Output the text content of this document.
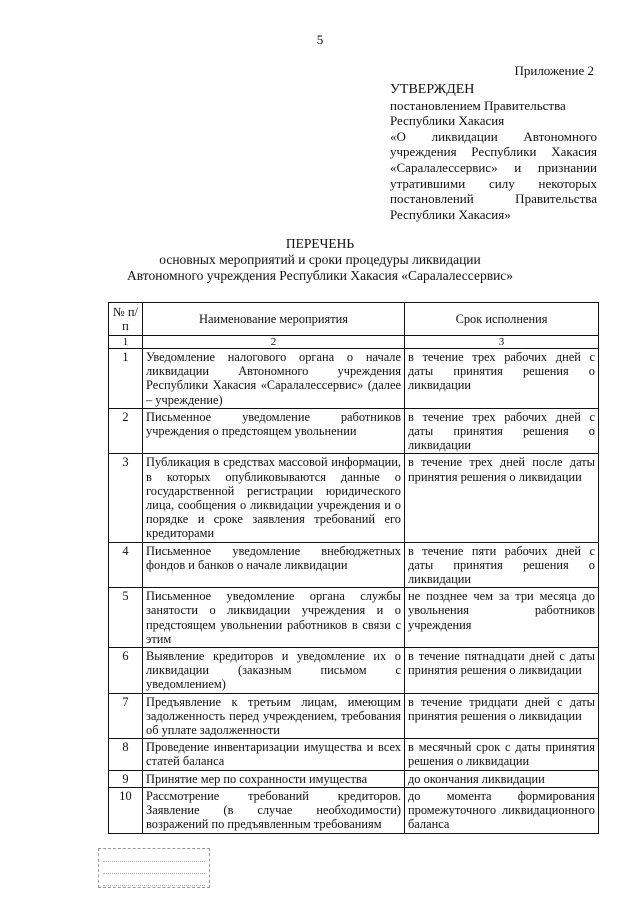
5
Приложение 2
УТВЕРЖДЕН
постановлением Правительства
Республики Хакасия
«О ликвидации Автономного
учреждения Республики Хакасия
«Саралалессервис» и признании
утратившими силу некоторых
постановлений Правительства
Республики Хакасия»
ПЕРЕЧЕНЬ
основных мероприятий и сроки процедуры ликвидации
Автономного учреждения Республики Хакасия «Саралалессервис»
№ п/п	Наименование мероприятия	Срок исполнения
1	2	3
1	Уведомление налогового органа о начале ликвидации Автономного учреждения Республики Хакасия «Саралалессервис» (далее – учреждение)	в течение трех рабочих дней с даты принятия решения о ликвидации
2	Письменное уведомление работников учреждения о предстоящем увольнении	в течение трех рабочих дней с даты принятия решения о ликвидации
3	Публикация в средствах массовой информации, в которых опубликовываются данные о государственной регистрации юридического лица, сообщения о ликвидации учреждения и о порядке и сроке заявления требований его кредиторами	в течение трех дней после даты принятия решения о ликвидации
4	Письменное уведомление внебюджетных фондов и банков о начале ликвидации	в течение пяти рабочих дней с даты принятия решения о ликвидации
5	Письменное уведомление органа службы занятости о ликвидации учреждения и о предстоящем увольнении работников в связи с этим	не позднее чем за три месяца до увольнения работников учреждения
6	Выявление кредиторов и уведомление их о ликвидации (заказным письмом с уведомлением)	в течение пятнадцати дней с даты принятия решения о ликвидации
7	Предъявление к третьим лицам, имеющим задолженность перед учреждением, требования об уплате задолженности	в течение тридцати дней с даты принятия решения о ликвидации
8	Проведение инвентаризации имущества и всех статей баланса	в месячный срок с даты принятия решения о ликвидации
9	Принятие мер по сохранности имущества	до окончания ликвидации
10	Рассмотрение требований кредиторов. Заявление (в случае необходимости) возражений по предъявленным требованиям	до момента формирования промежуточного ликвидационного баланса
